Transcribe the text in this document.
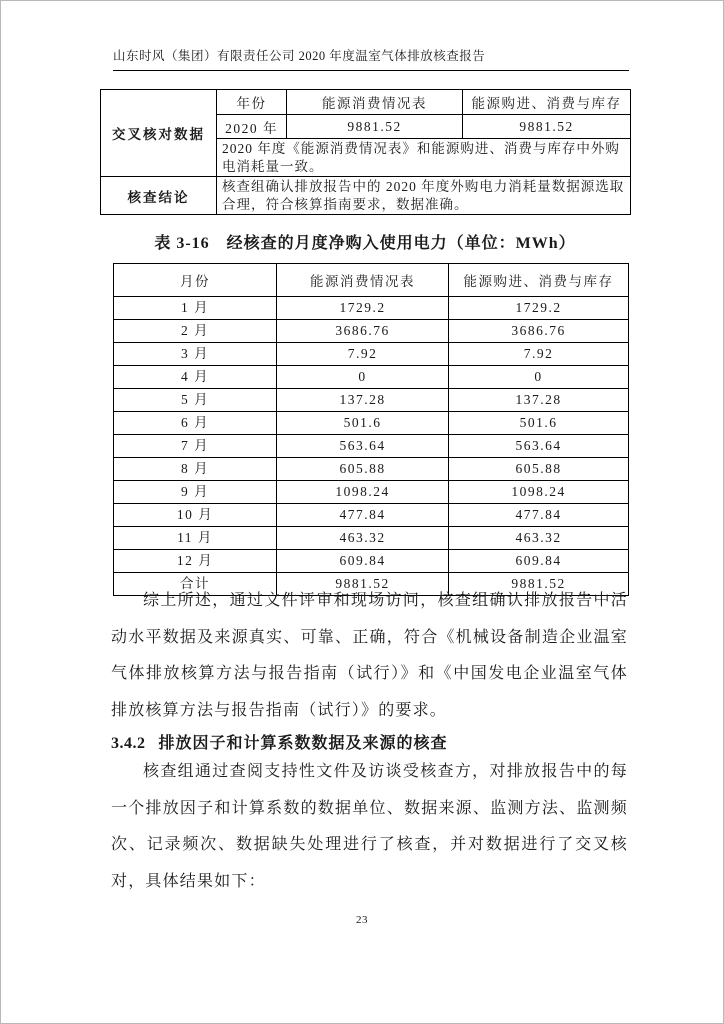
山东时风（集团）有限责任公司 2020 年度温室气体排放核查报告
交叉核对数据	年份	能源消费情况表	能源购进、消费与库存
	2020 年	9881.52	9881.52
	2020 年度《能源消费情况表》和能源购进、消费与库存中外购电消耗量一致。		
核查结论	核查组确认排放报告中的 2020 年度外购电力消耗量数据源选取合理，符合核算指南要求，数据准确。		
表 3-16　经核查的月度净购入使用电力（单位：MWh）
月份	能源消费情况表	能源购进、消费与库存
1 月	1729.2	1729.2
2 月	3686.76	3686.76
3 月	7.92	7.92
4 月	0	0
5 月	137.28	137.28
6 月	501.6	501.6
7 月	563.64	563.64
8 月	605.88	605.88
9 月	1098.24	1098.24
10 月	477.84	477.84
11 月	463.32	463.32
12 月	609.84	609.84
合计	9881.52	9881.52

综上所述，通过文件评审和现场访问，核查组确认排放报告中活动水平数据及来源真实、可靠、正确，符合《机械设备制造企业温室气体排放核算方法与报告指南（试行）》和《中国发电企业温室气体排放核算方法与报告指南（试行）》的要求。

3.4.2 排放因子和计算系数数据及来源的核查

核查组通过查阅支持性文件及访谈受核查方，对排放报告中的每一个排放因子和计算系数的数据单位、数据来源、监测方法、监测频次、记录频次、数据缺失处理进行了核查，并对数据进行了交叉核对，具体结果如下：

23
